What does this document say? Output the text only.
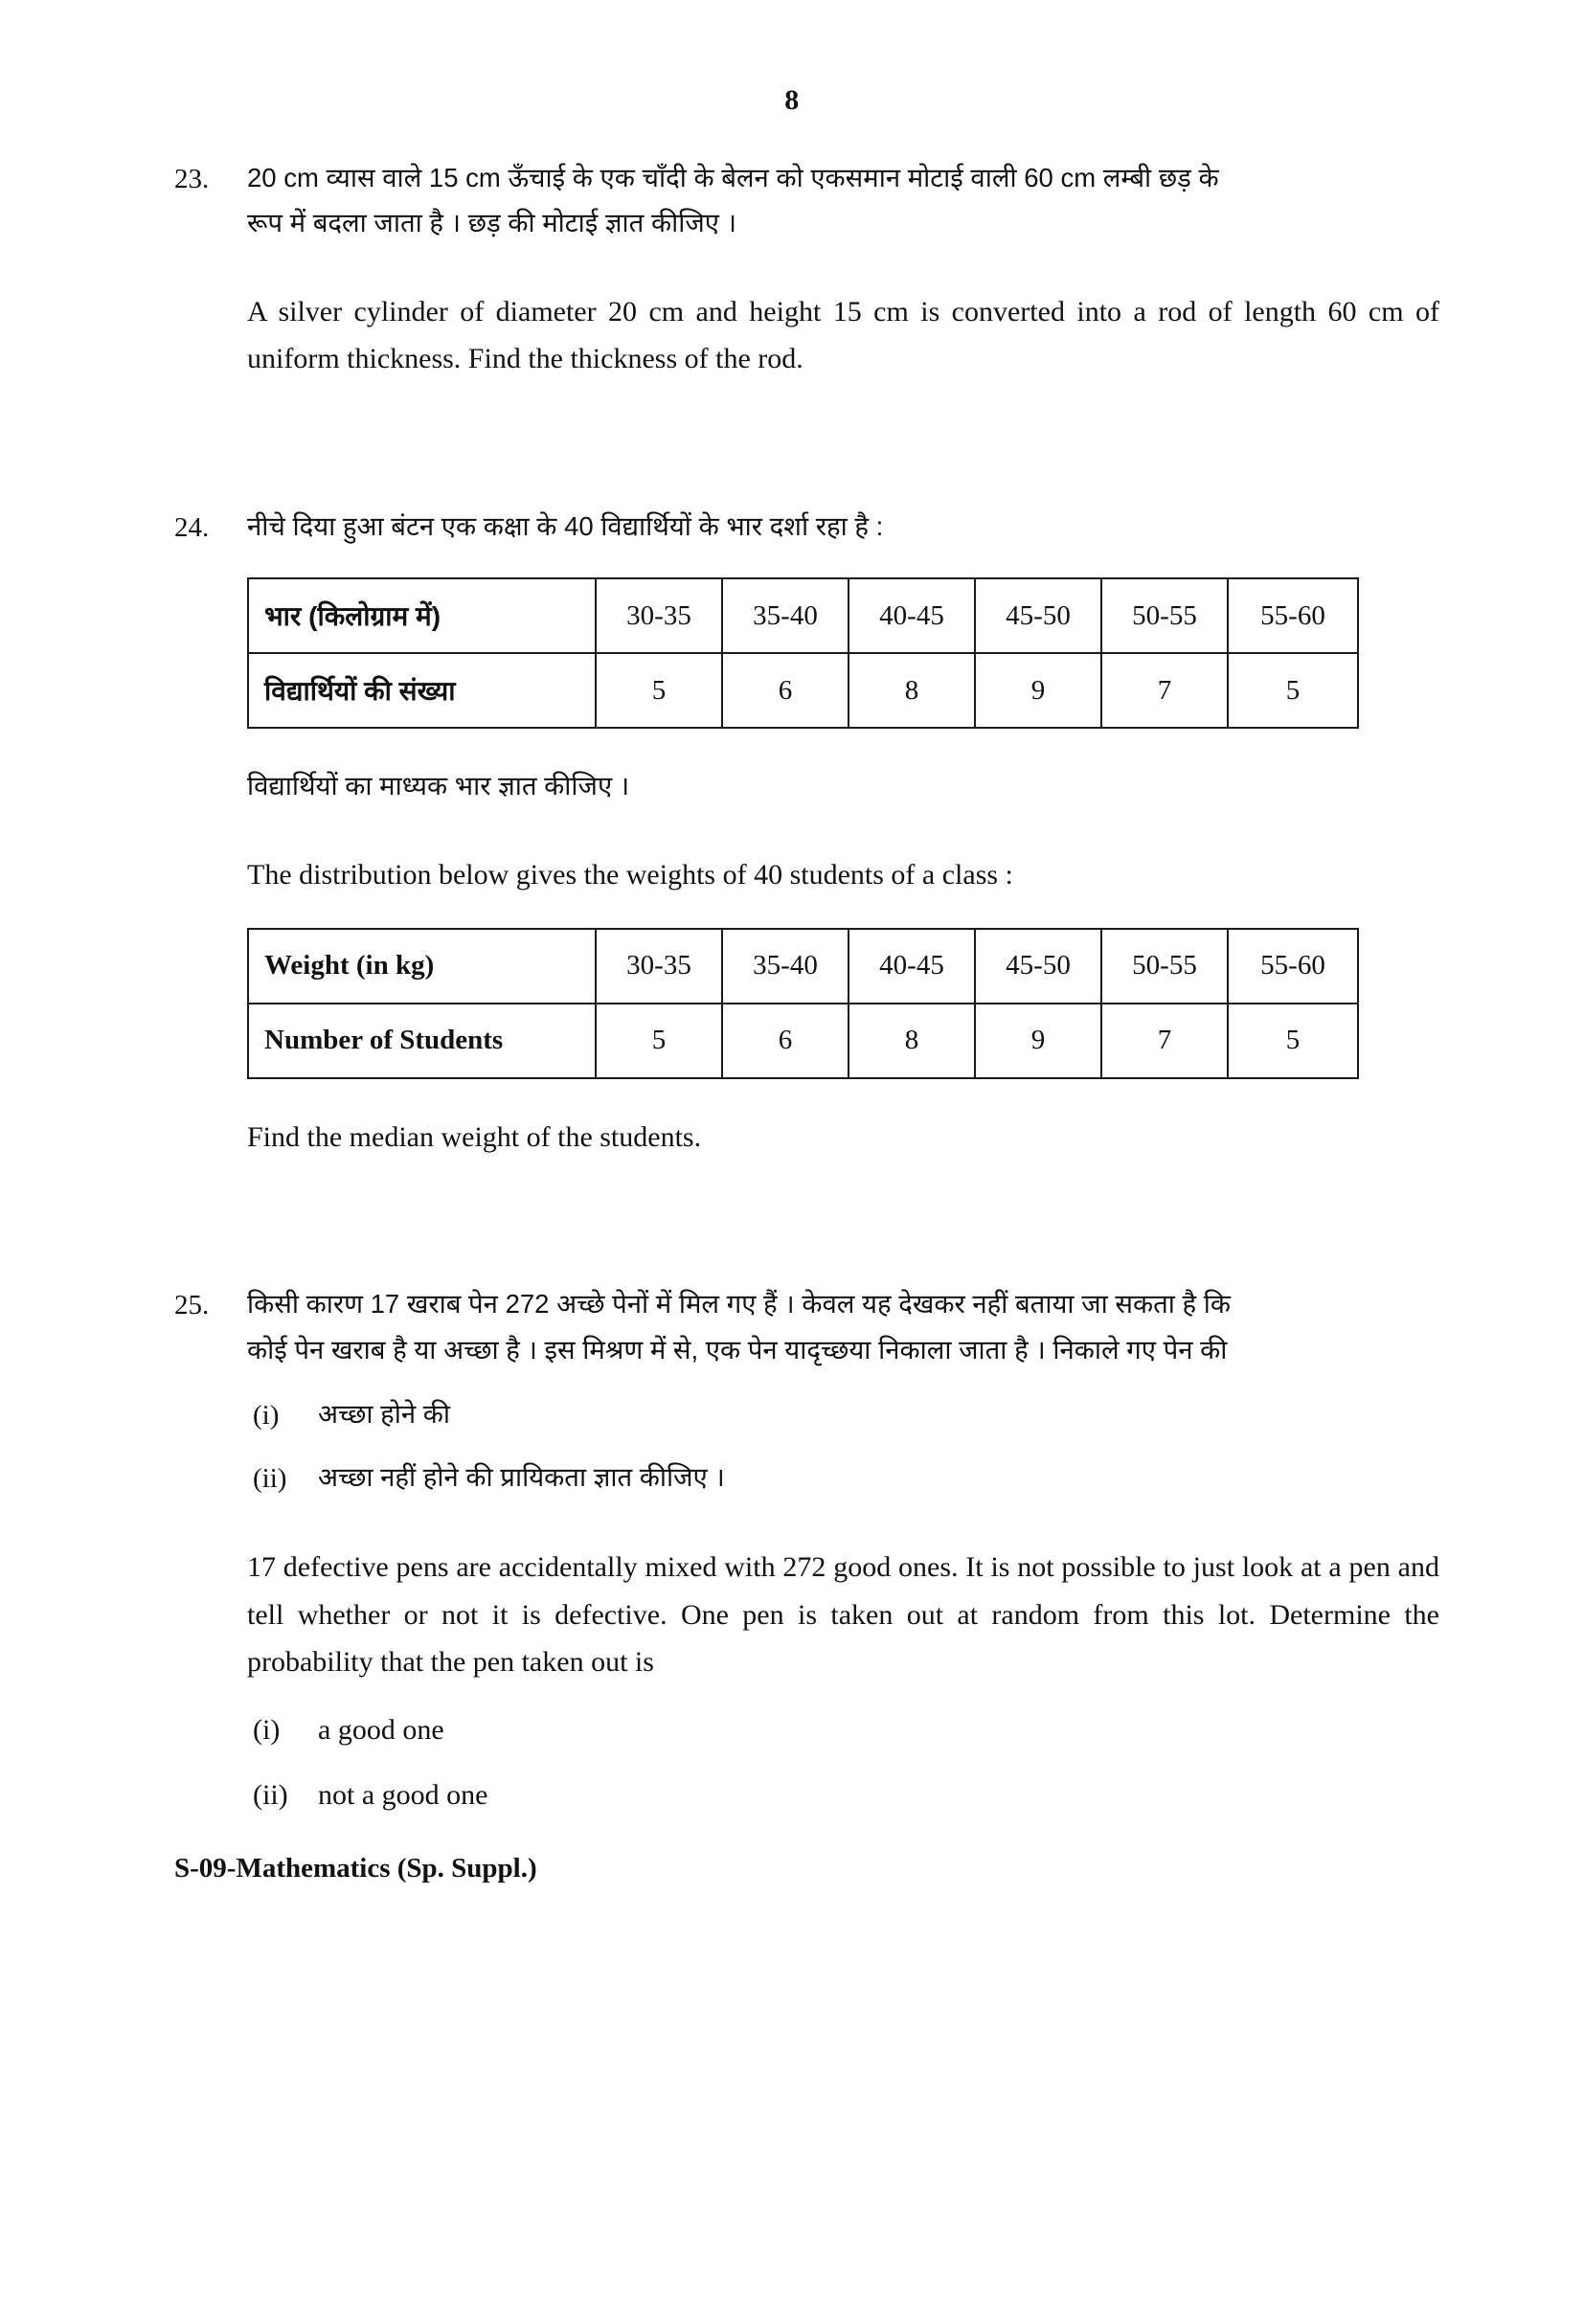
8
23.	20 cm व्यास वाले 15 cm ऊँचाई के एक चाँदी के बेलन को एकसमान मोटाई वाली 60 cm लम्बी छड़ के
रूप में बदला जाता है । छड़ की मोटाई ज्ञात कीजिए ।
A silver cylinder of diameter 20 cm and height 15 cm is converted into a rod of length 60 cm of uniform thickness. Find the thickness of the rod.
24.	नीचे दिया हुआ बंटन एक कक्षा के 40 विद्यार्थियों के भार दर्शा रहा है :
भार (किलोग्राम में)	30-35	35-40	40-45	45-50	50-55	55-60
विद्यार्थियों की संख्या	5	6	8	9	7	5
विद्यार्थियों का माध्यक भार ज्ञात कीजिए ।
The distribution below gives the weights of 40 students of a class :
Weight (in kg)	30-35	35-40	40-45	45-50	50-55	55-60
Number of Students	5	6	8	9	7	5
Find the median weight of the students.
25.	किसी कारण 17 खराब पेन 272 अच्छे पेनों में मिल गए हैं । केवल यह देखकर नहीं बताया जा सकता है कि
कोई पेन खराब है या अच्छा है । इस मिश्रण में से, एक पेन यादृच्छया निकाला जाता है । निकाले गए पेन की
(i)	अच्छा होने की
(ii)	अच्छा नहीं होने की प्रायिकता ज्ञात कीजिए ।
17 defective pens are accidentally mixed with 272 good ones. It is not possible to just look at a pen and tell whether or not it is defective. One pen is taken out at random from this lot. Determine the probability that the pen taken out is
(i)	a good one
(ii)	not a good one
S-09-Mathematics (Sp. Suppl.)
